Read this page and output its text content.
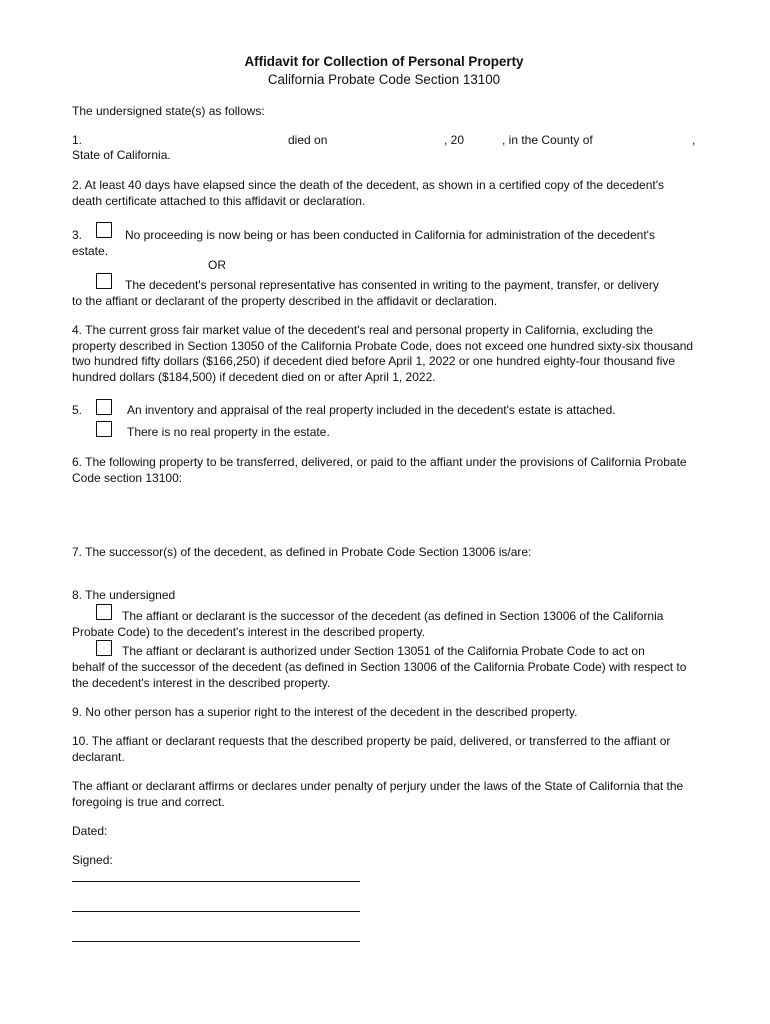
Affidavit for Collection of Personal Property
California Probate Code Section 13100
The undersigned state(s) as follows:
1.	died on	, 20	, in the County of	,
State of California.
2. At least 40 days have elapsed since the death of the decedent, as shown in a certified copy of the decedent's death certificate attached to this affidavit or declaration.
3.	No proceeding is now being or has been conducted in California for administration of the decedent's
estate.
OR
The decedent's personal representative has consented in writing to the payment, transfer, or delivery
to the affiant or declarant of the property described in the affidavit or declaration.
4. The current gross fair market value of the decedent's real and personal property in California, excluding the property described in Section 13050 of the California Probate Code, does not exceed one hundred sixty-six thousand two hundred fifty dollars ($166,250) if decedent died before April 1, 2022 or one hundred eighty-four thousand five hundred dollars ($184,500) if decedent died on or after April 1, 2022.
5.	An inventory and appraisal of the real property included in the decedent's estate is attached.
There is no real property in the estate.
6. The following property to be transferred, delivered, or paid to the affiant under the provisions of California Probate Code section 13100:
7. The successor(s) of the decedent, as defined in Probate Code Section 13006 is/are:
8. The undersigned
The affiant or declarant is the successor of the decedent (as defined in Section 13006 of the California
Probate Code) to the decedent's interest in the described property.
The affiant or declarant is authorized under Section 13051 of the California Probate Code to act on
behalf of the successor of the decedent (as defined in Section 13006 of the California Probate Code) with respect to the decedent's interest in the described property.
9. No other person has a superior right to the interest of the decedent in the described property.
10. The affiant or declarant requests that the described property be paid, delivered, or transferred to the affiant or declarant.
The affiant or declarant affirms or declares under penalty of perjury under the laws of the State of California that the foregoing is true and correct.
Dated:
Signed:
